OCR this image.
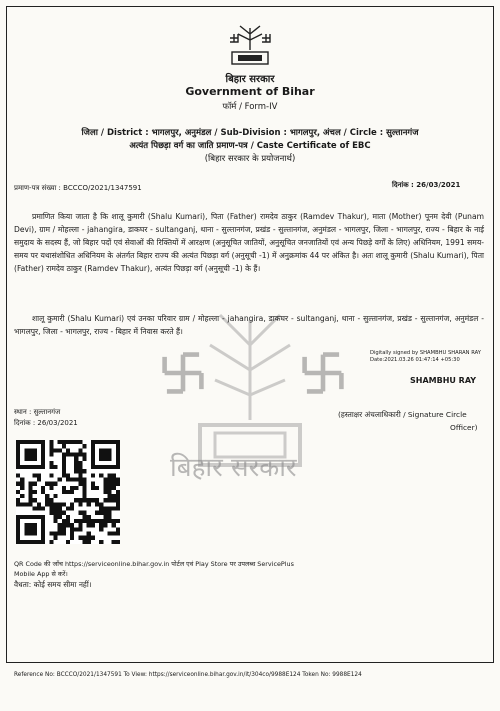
बिहार सरकार
Government of Bihar
फॉर्म / Form-IV
जिला / District : भागलपुर, अनुमंडल / Sub-Division : भागलपुर, अंचल / Circle : सुल्तानगंज
अत्यंत पिछड़ा वर्ग का जाति प्रमाण-पत्र / Caste Certificate of EBC
(बिहार सरकार के प्रयोजनार्थ)
बिहार सरकार
प्रमाण-पत्र संख्या : BCCCO/2021/1347591	दिनांक : 26/03/2021
प्रमाणित किया जाता है कि शालू कुमारी (Shalu Kumari), पिता (Father) रामदेव ठाकुर (Ramdev Thakur), माता (Mother) पूनम देवी (Punam Devi), ग्राम / मोहल्ला - jahangira, डाकघर - sultanganj, थाना - सुल्तानगंज, प्रखंड - सुल्तानगंज, अनुमंडल - भागलपुर, जिला - भागलपुर, राज्य - बिहार के नाई समुदाय के सदस्य हैं, जो बिहार पदों एवं सेवाओं की रिक्तियों में आरक्षण (अनुसूचित जातियों, अनुसूचित जनजातियों एवं अन्य पिछड़े वर्गों के लिए) अधिनियम, 1991 समय-समय पर यथासंशोधित अधिनियम के अंतर्गत बिहार राज्य की अत्यंत पिछड़ा वर्ग (अनुसूची -1) में अनुक्रमांक 44 पर अंकित है। अतः शालू कुमारी (Shalu Kumari), पिता (Father) रामदेव ठाकुर (Ramdev Thakur), अत्यंत पिछड़ा वर्ग (अनुसूची -1) के हैं।
शालू कुमारी (Shalu Kumari) एवं उनका परिवार ग्राम / मोहल्ला - jahangira, डाकघर - sultanganj, थाना - सुल्तानगंज, प्रखंड - सुल्तानगंज, अनुमंडल - भागलपुर, जिला - भागलपुर, राज्य - बिहार में निवास करते हैं।
Digitally signed by SHAMBHU SHARAN RAY
Date:2021.03.26 01:47:14 +05:30
SHAMBHU RAY
(हस्ताक्षर अंचलाधिकारी / Signature Circle
Officer)
स्थान : सुल्तानगंज
दिनांक : 26/03/2021
QR Code की जाँच https://serviceonline.bihar.gov.in पोर्टल एवं Play Store पर उपलब्ध ServicePlus
Mobile App से करें।
वैधता: कोई समय सीमा नहीं।
Reference No: BCCCO/2021/1347591 To View: https://serviceonline.bihar.gov.in/it/304co/9988E124 Token No: 9988E124
